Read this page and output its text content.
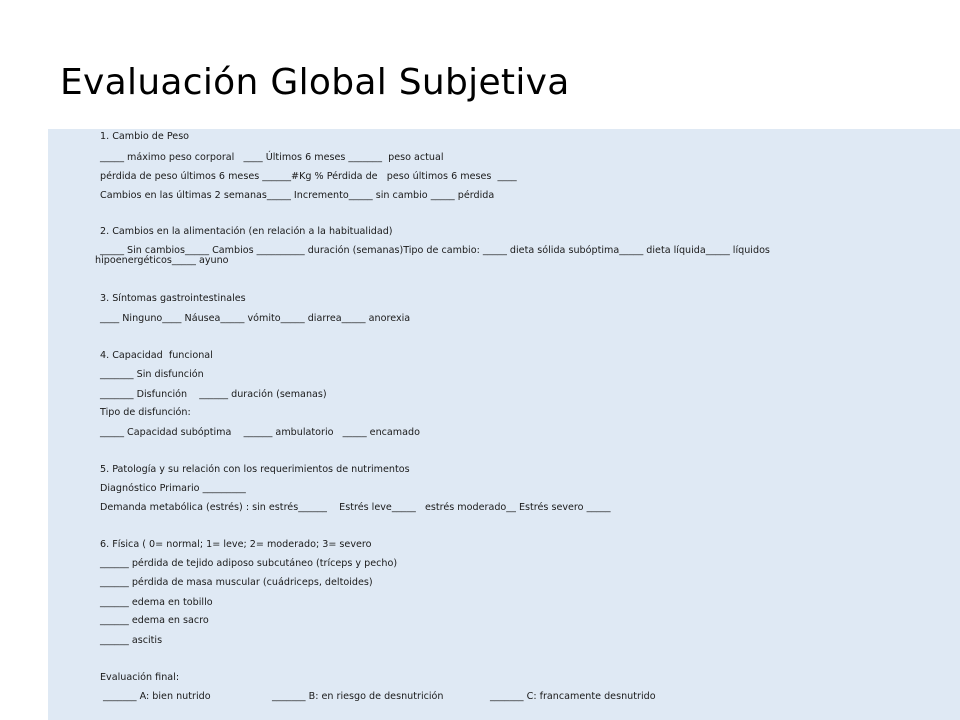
Evaluación Global Subjetiva
1. Cambio de Peso
_____ máximo peso corporal   ____ Últimos 6 meses _______  peso actual
pérdida de peso últimos 6 meses ______#Kg % Pérdida de   peso últimos 6 meses  ____
Cambios en las últimas 2 semanas_____ Incremento_____ sin cambio _____ pérdida
2. Cambios en la alimentación (en relación a la habitualidad)
_____ Sin cambios_____ Cambios __________ duración (semanas)Tipo de cambio: _____ dieta sólida subóptima_____ dieta líquida_____ líquidos hipoenergéticos_____ ayuno
3. Síntomas gastrointestinales
____ Ninguno____ Náusea_____ vómito_____ diarrea_____ anorexia
4. Capacidad  funcional
_______ Sin disfunción
_______ Disfunción    ______ duración (semanas)
Tipo de disfunción:
_____ Capacidad subóptima    ______ ambulatorio   _____ encamado
5. Patología y su relación con los requerimientos de nutrimentos
Diagnóstico Primario _________
Demanda metabólica (estrés) : sin estrés______    Estrés leve_____   estrés moderado__ Estrés severo _____
6. Física ( 0= normal; 1= leve; 2= moderado; 3= severo
______ pérdida de tejido adiposo subcutáneo (tríceps y pecho)
______ pérdida de masa muscular (cuádriceps, deltoides)
______ edema en tobillo
______ edema en sacro
______ ascitis
Evaluación final:
_______ A: bien nutrido	_______ B: en riesgo de desnutrición	_______ C: francamente desnutrido
